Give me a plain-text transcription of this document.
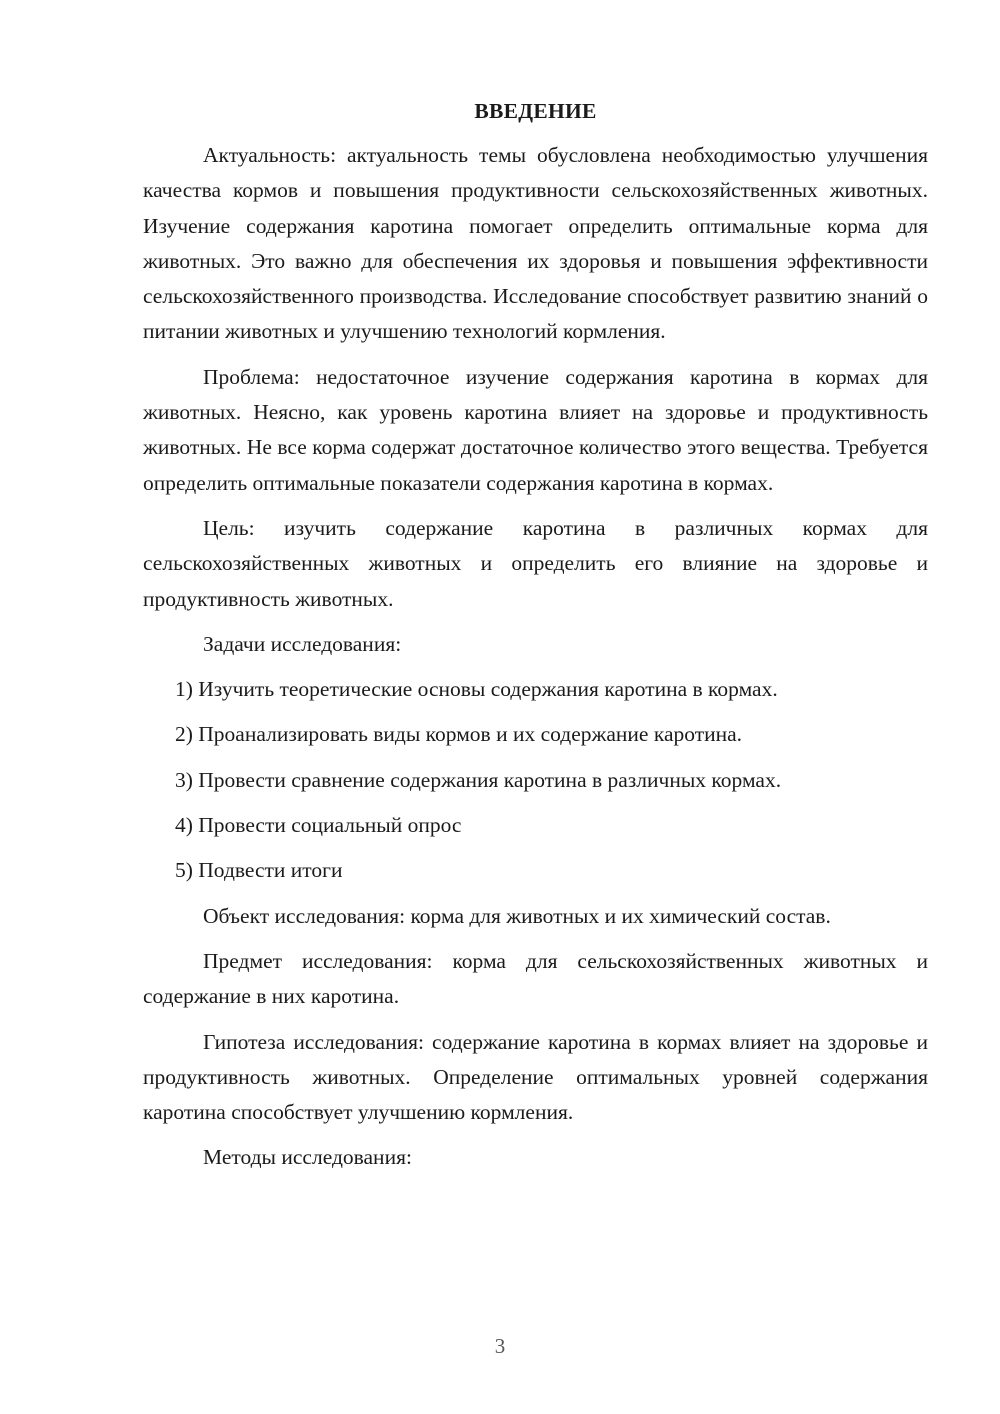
ВВЕДЕНИЕ

Актуальность: актуальность темы обусловлена необходимостью улучшения качества кормов и повышения продуктивности сельскохозяйственных животных. Изучение содержания каротина помогает определить оптимальные корма для животных. Это важно для обеспечения их здоровья и повышения эффективности сельскохозяйственного производства. Исследование способствует развитию знаний о питании животных и улучшению технологий кормления.

Проблема: недостаточное изучение содержания каротина в кормах для животных. Неясно, как уровень каротина влияет на здоровье и продуктивность животных. Не все корма содержат достаточное количество этого вещества. Требуется определить оптимальные показатели содержания каротина в кормах.

Цель: изучить содержание каротина в различных кормах для сельскохозяйственных животных и определить его влияние на здоровье и продуктивность животных.

Задачи исследования:

1) Изучить теоретические основы содержания каротина в кормах.

2) Проанализировать виды кормов и их содержание каротина.

3) Провести сравнение содержания каротина в различных кормах.

4) Провести социальный опрос

5) Подвести итоги

Объект исследования: корма для животных и их химический состав.

Предмет исследования: корма для сельскохозяйственных животных и содержание в них каротина.

Гипотеза исследования: содержание каротина в кормах влияет на здоровье и продуктивность животных. Определение оптимальных уровней содержания каротина способствует улучшению кормления.

Методы исследования:

3
